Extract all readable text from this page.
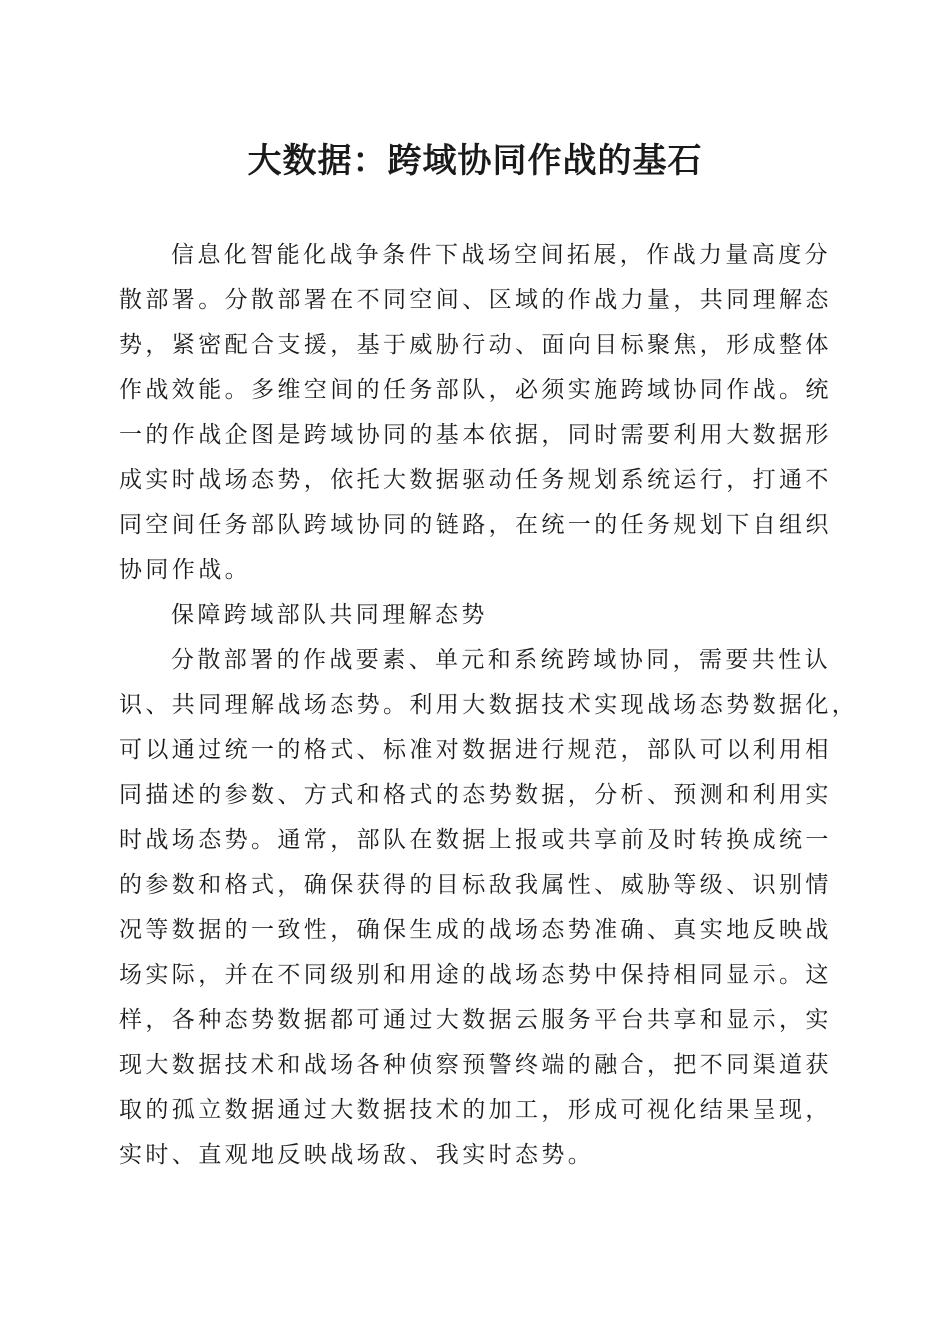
大数据：跨域协同作战的基石
信息化智能化战争条件下战场空间拓展，作战力量高度分
散部署。分散部署在不同空间、区域的作战力量，共同理解态
势，紧密配合支援，基于威胁行动、面向目标聚焦，形成整体
作战效能。多维空间的任务部队，必须实施跨域协同作战。统
一的作战企图是跨域协同的基本依据，同时需要利用大数据形
成实时战场态势，依托大数据驱动任务规划系统运行，打通不
同空间任务部队跨域协同的链路，在统一的任务规划下自组织
协同作战。
保障跨域部队共同理解态势
分散部署的作战要素、单元和系统跨域协同，需要共性认
识、共同理解战场态势。利用大数据技术实现战场态势数据化，
可以通过统一的格式、标准对数据进行规范，部队可以利用相
同描述的参数、方式和格式的态势数据，分析、预测和利用实
时战场态势。通常，部队在数据上报或共享前及时转换成统一
的参数和格式，确保获得的目标敌我属性、威胁等级、识别情
况等数据的一致性，确保生成的战场态势准确、真实地反映战
场实际，并在不同级别和用途的战场态势中保持相同显示。这
样，各种态势数据都可通过大数据云服务平台共享和显示，实
现大数据技术和战场各种侦察预警终端的融合，把不同渠道获
取的孤立数据通过大数据技术的加工，形成可视化结果呈现，
实时、直观地反映战场敌、我实时态势。
